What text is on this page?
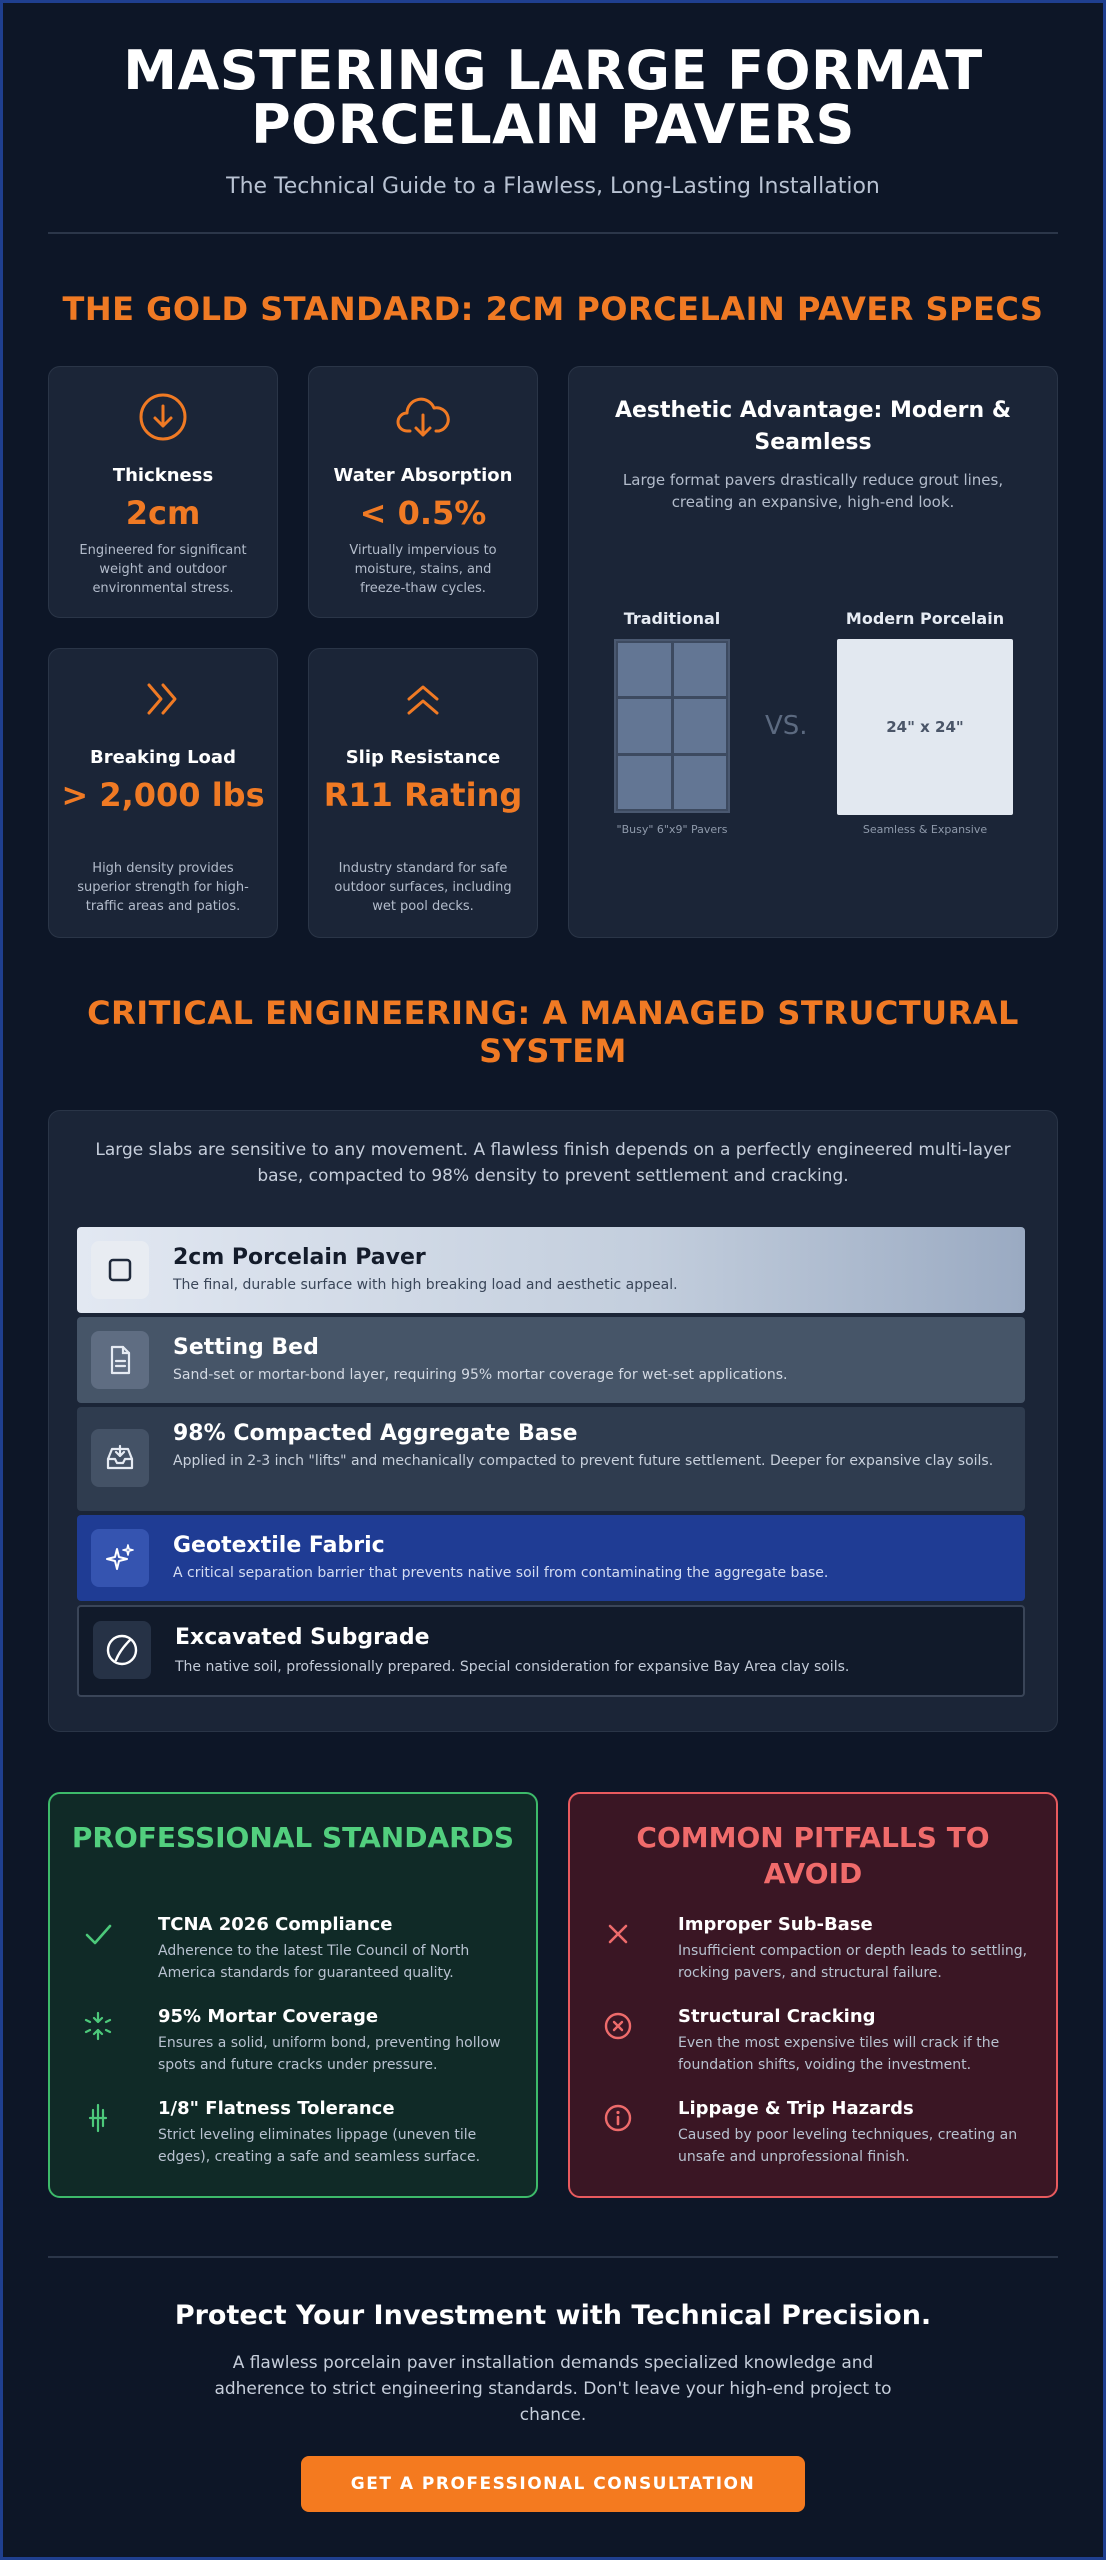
MASTERING LARGE FORMAT PORCELAIN PAVERS
The Technical Guide to a Flawless, Long-Lasting Installation
THE GOLD STANDARD: 2CM PORCELAIN PAVER SPECS
Thickness
2cm
Engineered for significant weight and outdoor environmental stress.
Water Absorption
< 0.5%
Virtually impervious to moisture, stains, and freeze-thaw cycles.
Breaking Load
> 2,000 lbs
High density provides superior strength for high-traffic areas and patios.
Slip Resistance
R11 Rating
Industry standard for safe outdoor surfaces, including wet pool decks.
Aesthetic Advantage: Modern & Seamless
Large format pavers drastically reduce grout lines, creating an expansive, high-end look.
Traditional
"Busy" 6"x9" Pavers
VS.
Modern Porcelain
24" x 24"
Seamless & Expansive
CRITICAL ENGINEERING: A MANAGED STRUCTURAL SYSTEM
Large slabs are sensitive to any movement. A flawless finish depends on a perfectly engineered multi-layer base, compacted to 98% density to prevent settlement and cracking.
2cm Porcelain Paver
The final, durable surface with high breaking load and aesthetic appeal.
Setting Bed
Sand-set or mortar-bond layer, requiring 95% mortar coverage for wet-set applications.
98% Compacted Aggregate Base
Applied in 2-3 inch "lifts" and mechanically compacted to prevent future settlement. Deeper for expansive clay soils.
Geotextile Fabric
A critical separation barrier that prevents native soil from contaminating the aggregate base.
Excavated Subgrade
The native soil, professionally prepared. Special consideration for expansive Bay Area clay soils.
PROFESSIONAL STANDARDS
TCNA 2026 Compliance
Adherence to the latest Tile Council of North America standards for guaranteed quality.
95% Mortar Coverage
Ensures a solid, uniform bond, preventing hollow spots and future cracks under pressure.
1/8" Flatness Tolerance
Strict leveling eliminates lippage (uneven tile edges), creating a safe and seamless surface.
COMMON PITFALLS TO AVOID
Improper Sub-Base
Insufficient compaction or depth leads to settling, rocking pavers, and structural failure.
Structural Cracking
Even the most expensive tiles will crack if the foundation shifts, voiding the investment.
Lippage & Trip Hazards
Caused by poor leveling techniques, creating an unsafe and unprofessional finish.
Protect Your Investment with Technical Precision.
A flawless porcelain paver installation demands specialized knowledge and adherence to strict engineering standards. Don't leave your high-end project to chance.
GET A PROFESSIONAL CONSULTATION
